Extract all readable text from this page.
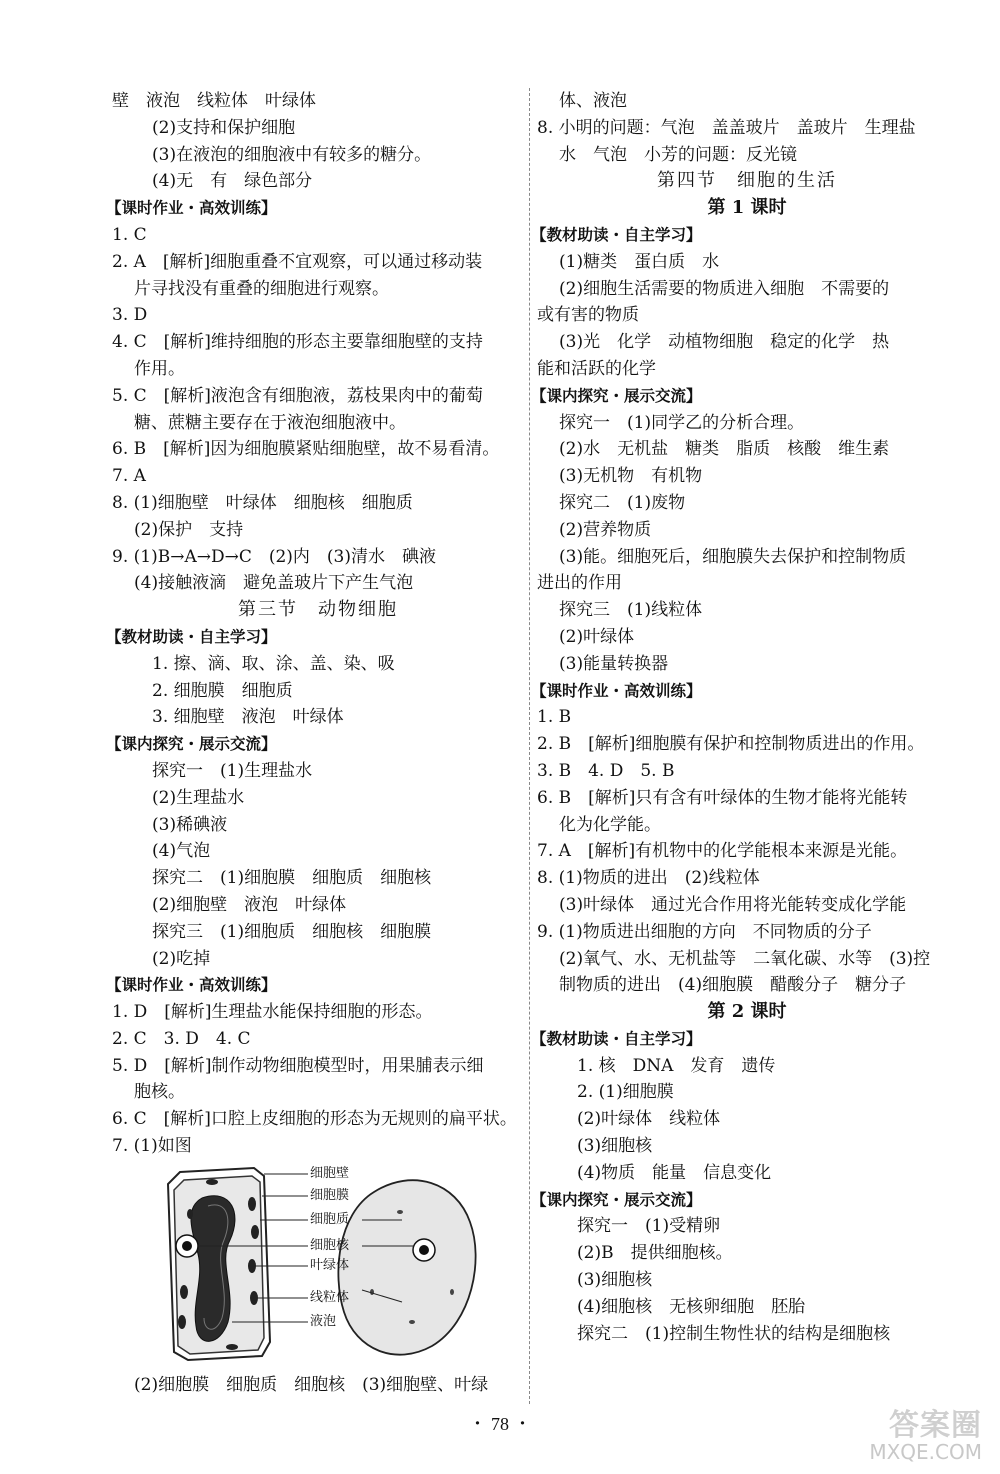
壁　液泡　线粒体　叶绿体
(2)支持和保护细胞
(3)在液泡的细胞液中有较多的糖分。
(4)无　有　绿色部分
【课时作业・高效训练】
1. C
2. A　[解析]细胞重叠不宜观察，可以通过移动装
片寻找没有重叠的细胞进行观察。
3. D
4. C　[解析]维持细胞的形态主要靠细胞壁的支持
作用。
5. C　[解析]液泡含有细胞液，荔枝果肉中的葡萄
糖、蔗糖主要存在于液泡细胞液中。
6. B　[解析]因为细胞膜紧贴细胞壁，故不易看清。
7. A
8. (1)细胞壁　叶绿体　细胞核　细胞质
(2)保护　支持
9. (1)B→A→D→C　(2)内　(3)清水　碘液
(4)接触液滴　避免盖玻片下产生气泡
第三节　动物细胞
【教材助读・自主学习】
1. 擦、滴、取、涂、盖、染、吸
2. 细胞膜　细胞质
3. 细胞壁　液泡　叶绿体
【课内探究・展示交流】
探究一　(1)生理盐水
(2)生理盐水
(3)稀碘液
(4)气泡
探究二　(1)细胞膜　细胞质　细胞核
(2)细胞壁　液泡　叶绿体
探究三　(1)细胞质　细胞核　细胞膜
(2)吃掉
【课时作业・高效训练】
1. D　[解析]生理盐水能保持细胞的形态。
2. C　3. D　4. C
5. D　[解析]制作动物细胞模型时，用果脯表示细
胞核。
6. C　[解析]口腔上皮细胞的形态为无规则的扁平状。
7. (1)如图
细胞壁
细胞膜
细胞质
细胞核
叶绿体
线粒体
液泡
(2)细胞膜　细胞质　细胞核　(3)细胞壁、叶绿
体、液泡
8. 小明的问题：气泡　盖盖玻片　盖玻片　生理盐
水　气泡　小芳的问题：反光镜
第四节　细胞的生活
第 1 课时
【教材助读・自主学习】
(1)糖类　蛋白质　水
(2)细胞生活需要的物质进入细胞　不需要的
或有害的物质
(3)光　化学　动植物细胞　稳定的化学　热
能和活跃的化学
【课内探究・展示交流】
探究一　(1)同学乙的分析合理。
(2)水　无机盐　糖类　脂质　核酸　维生素
(3)无机物　有机物
探究二　(1)废物
(2)营养物质
(3)能。细胞死后，细胞膜失去保护和控制物质
进出的作用
探究三　(1)线粒体
(2)叶绿体
(3)能量转换器
【课时作业・高效训练】
1. B
2. B　[解析]细胞膜有保护和控制物质进出的作用。
3. B　4. D　5. B
6. B　[解析]只有含有叶绿体的生物才能将光能转
化为化学能。
7. A　[解析]有机物中的化学能根本来源是光能。
8. (1)物质的进出　(2)线粒体
(3)叶绿体　通过光合作用将光能转变成化学能
9. (1)物质进出细胞的方向　不同物质的分子
(2)氧气、水、无机盐等　二氧化碳、水等　(3)控
制物质的进出　(4)细胞膜　醋酸分子　糖分子
第 2 课时
【教材助读・自主学习】
1. 核　DNA　发育　遗传
2. (1)细胞膜
(2)叶绿体　线粒体
(3)细胞核
(4)物质　能量　信息变化
【课内探究・展示交流】
探究一　(1)受精卵
(2)B　提供细胞核。
(3)细胞核
(4)细胞核　无核卵细胞　胚胎
探究二　(1)控制生物性状的结构是细胞核
・ 78 ・	答案圈
MXQE.COM
